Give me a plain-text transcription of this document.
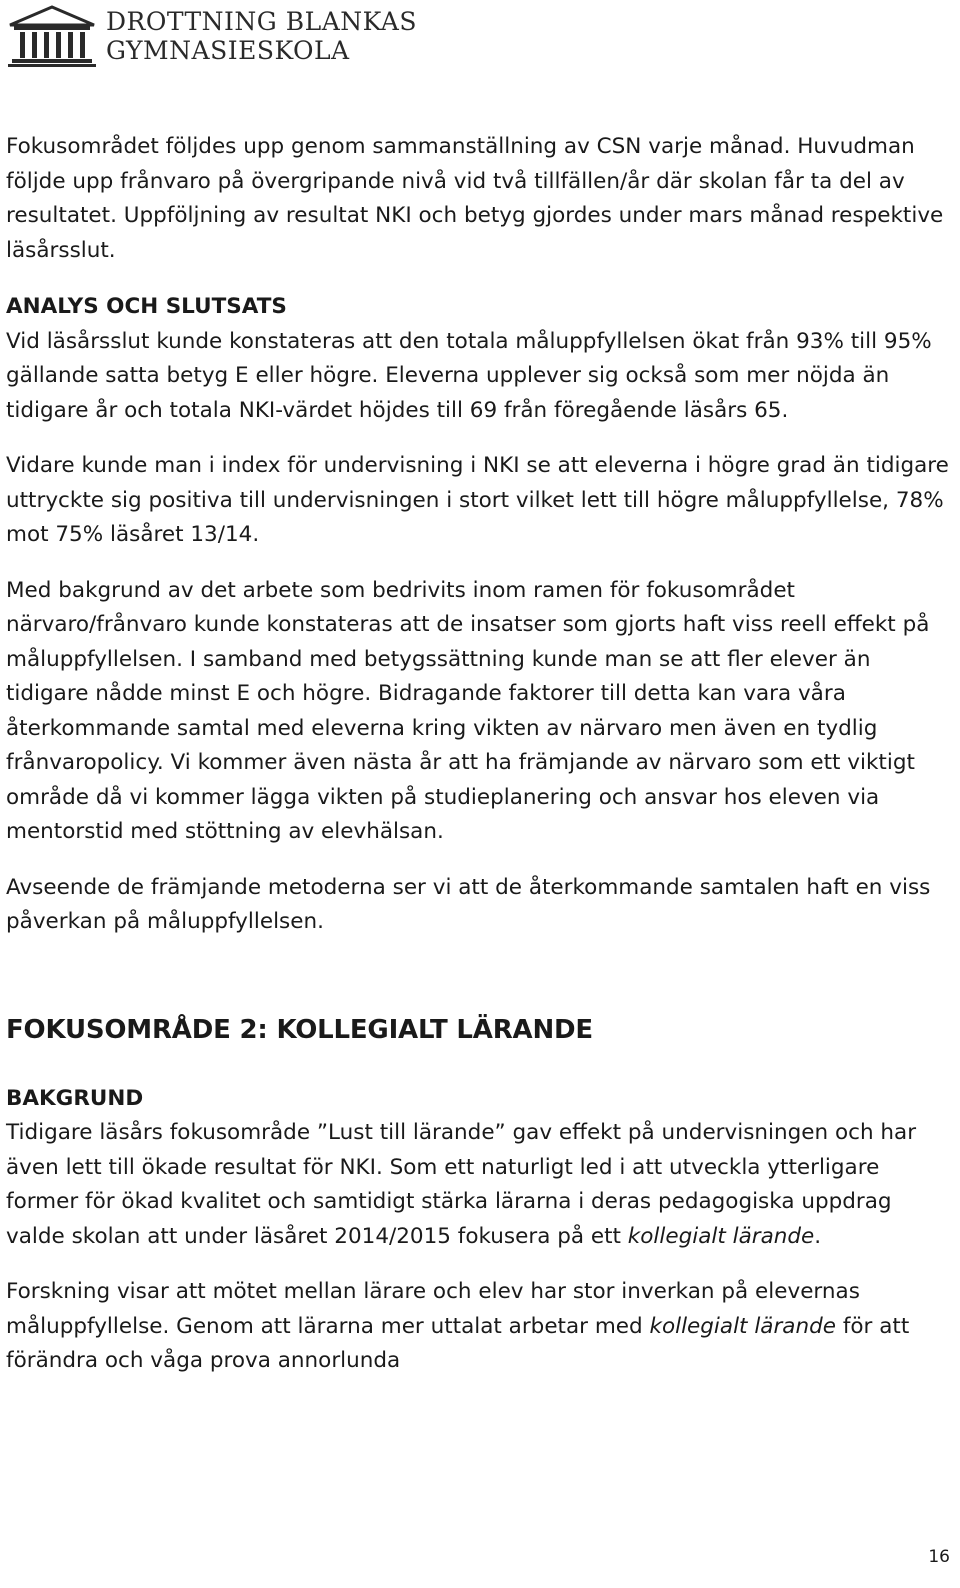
DROTTNING BLANKAS
GYMNASIESKOLA

Fokusområdet följdes upp genom sammanställning av CSN varje månad. Huvudman följde upp frånvaro på övergripande nivå vid två tillfällen/år där skolan får ta del av resultatet. Uppföljning av resultat NKI och betyg gjordes under mars månad respektive läsårsslut.

ANALYS OCH SLUTSATS

Vid läsårsslut kunde konstateras att den totala måluppfyllelsen ökat från 93% till 95% gällande satta betyg E eller högre. Eleverna upplever sig också som mer nöjda än tidigare år och totala NKI-värdet höjdes till 69 från föregående läsårs 65.

Vidare kunde man i index för undervisning i NKI se att eleverna i högre grad än tidigare uttryckte sig positiva till undervisningen i stort vilket lett till högre måluppfyllelse, 78% mot 75% läsåret 13/14.

Med bakgrund av det arbete som bedrivits inom ramen för fokusområdet närvaro/frånvaro kunde konstateras att de insatser som gjorts haft viss reell effekt på måluppfyllelsen. I samband med betygssättning kunde man se att fler elever än tidigare nådde minst E och högre. Bidragande faktorer till detta kan vara våra återkommande samtal med eleverna kring vikten av närvaro men även en tydlig frånvaropolicy. Vi kommer även nästa år att ha främjande av närvaro som ett viktigt område då vi kommer lägga vikten på studieplanering och ansvar hos eleven via mentorstid med stöttning av elevhälsan.

Avseende de främjande metoderna ser vi att de återkommande samtalen haft en viss påverkan på måluppfyllelsen.

FOKUSOMRÅDE 2: KOLLEGIALT LÄRANDE
BAKGRUND

Tidigare läsårs fokusområde ”Lust till lärande” gav effekt på undervisningen och har även lett till ökade resultat för NKI. Som ett naturligt led i att utveckla ytterligare former för ökad kvalitet och samtidigt stärka lärarna i deras pedagogiska uppdrag valde skolan att under läsåret 2014/2015 fokusera på ett kollegialt lärande.

Forskning visar att mötet mellan lärare och elev har stor inverkan på elevernas måluppfyllelse. Genom att lärarna mer uttalat arbetar med kollegialt lärande för att förändra och våga prova annorlunda

16
